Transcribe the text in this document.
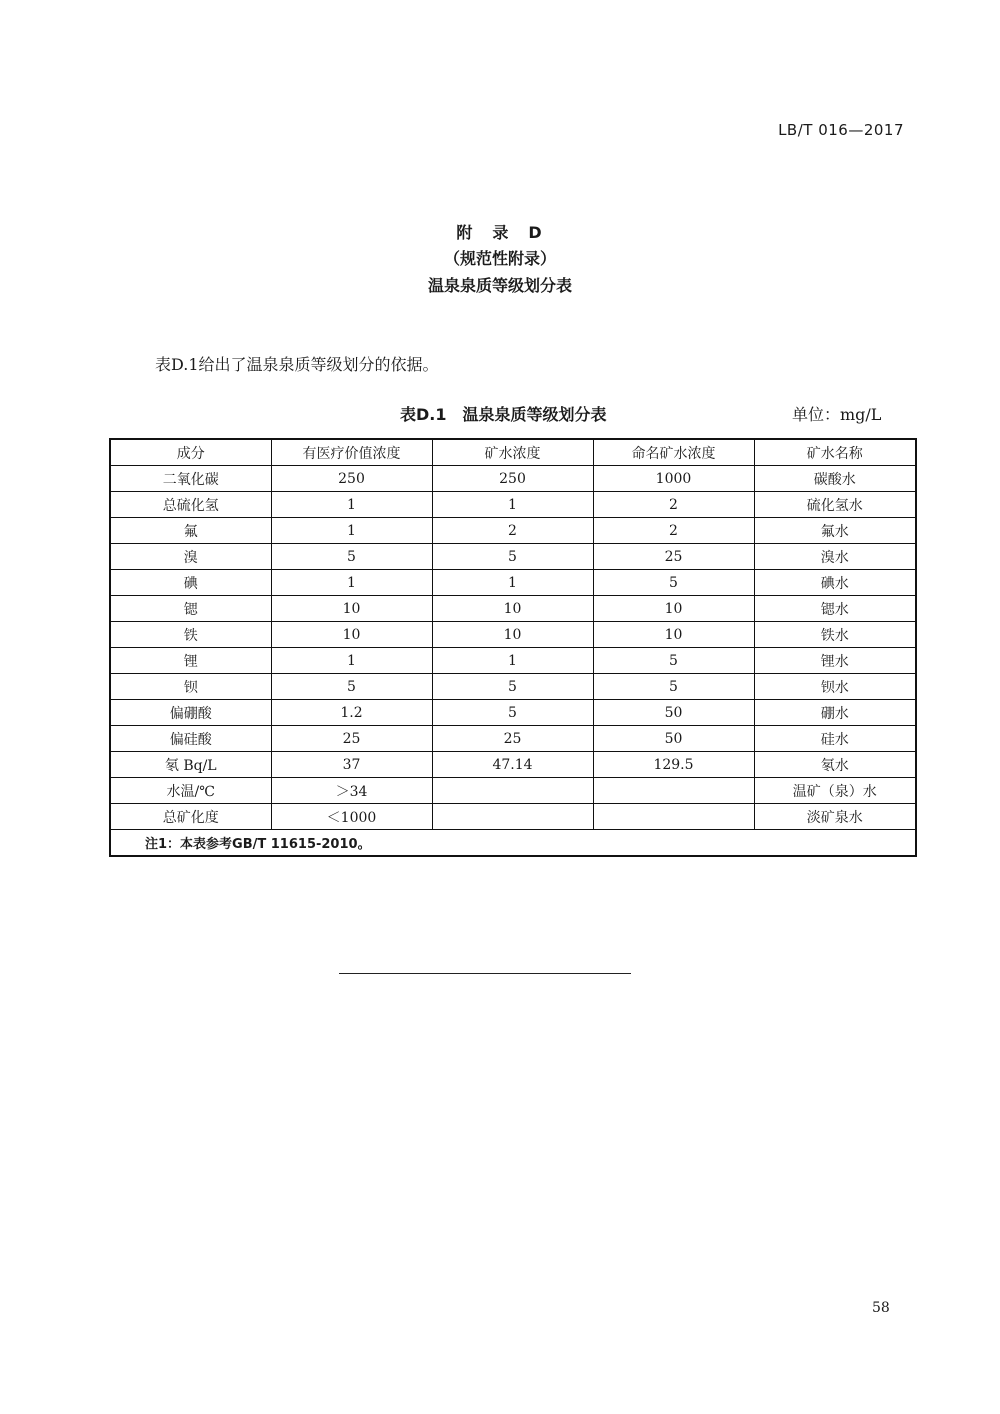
LB/T 016—2017
附　录　D
（规范性附录）
温泉泉质等级划分表
表D.1给出了温泉泉质等级划分的依据。
表D.1　温泉泉质等级划分表	单位：mg/L
成分	有医疗价值浓度	矿水浓度	命名矿水浓度	矿水名称
二氧化碳	250	250	1000	碳酸水
总硫化氢	1	1	2	硫化氢水
氟	1	2	2	氟水
溴	5	5	25	溴水
碘	1	1	5	碘水
锶	10	10	10	锶水
铁	10	10	10	铁水
锂	1	1	5	锂水
钡	5	5	5	钡水
偏硼酸	1.2	5	50	硼水
偏硅酸	25	25	50	硅水
氡 Bq/L	37	47.14	129.5	氡水
水温/℃	＞34			温矿（泉）水
总矿化度	＜1000			淡矿泉水
注1：本表参考GB/T 11615-2010。				
58
